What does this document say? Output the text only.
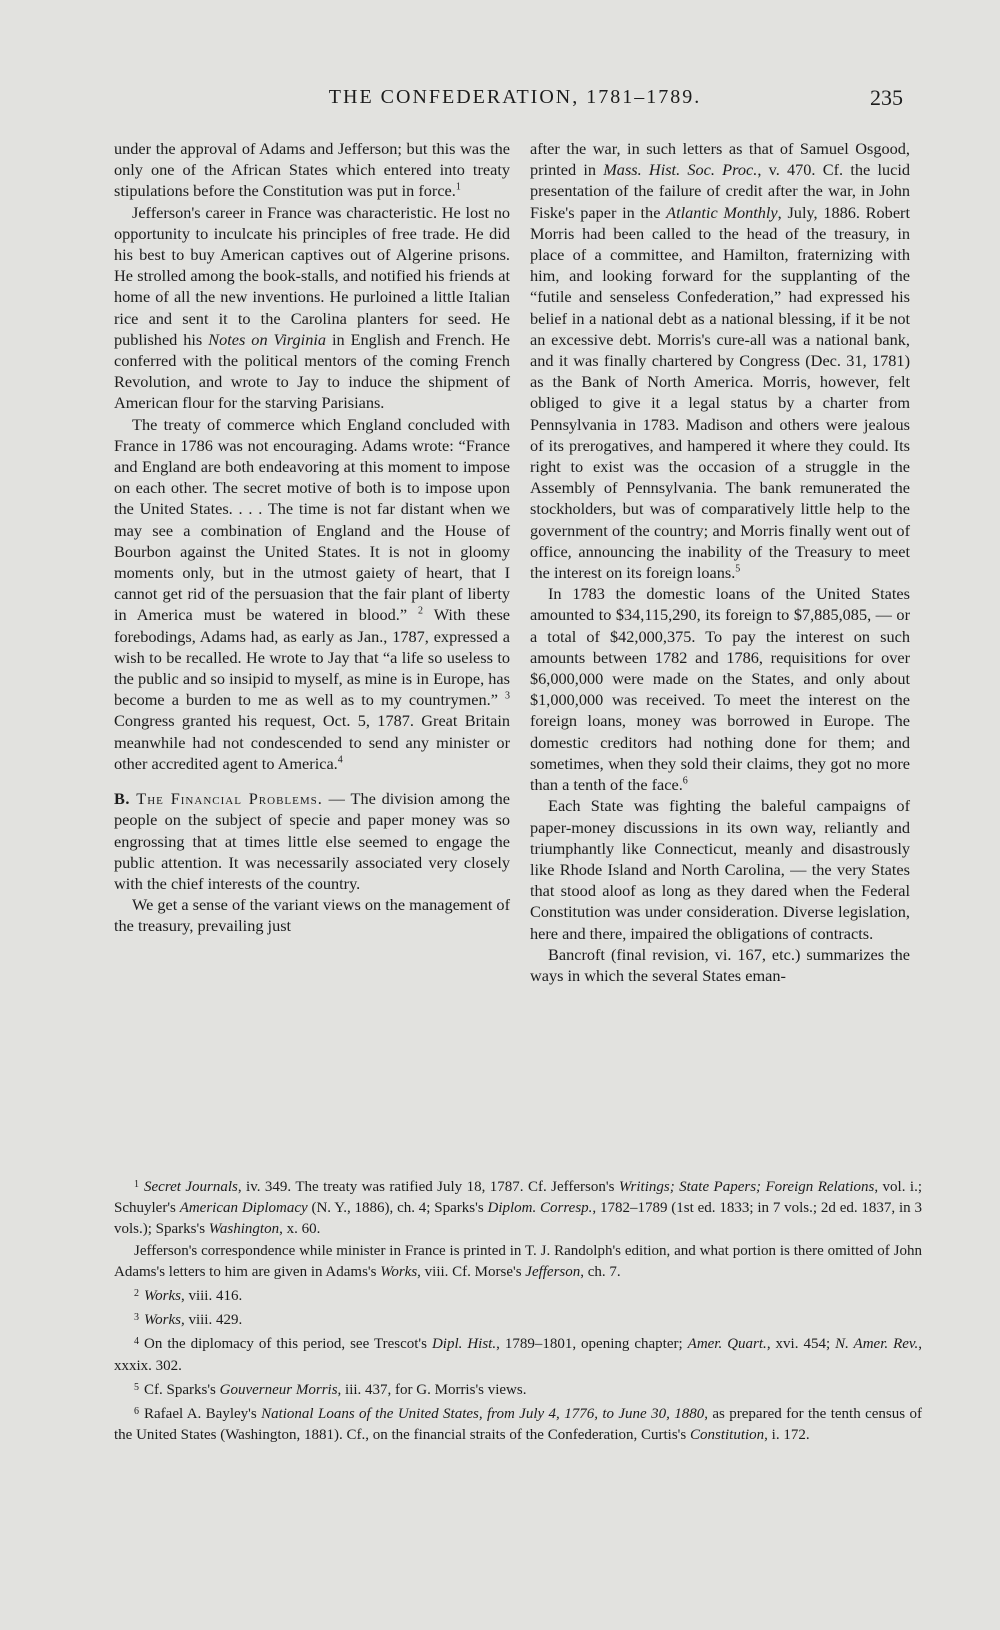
THE CONFEDERATION, 1781–1789.	235

under the approval of Adams and Jefferson; but this was the only one of the African States which entered into treaty stipulations before the Constitution was put in force.$^1$

Jefferson's career in France was characteristic. He lost no opportunity to inculcate his principles of free trade. He did his best to buy American captives out of Algerine prisons. He strolled among the book-stalls, and notified his friends at home of all the new inventions. He purloined a little Italian rice and sent it to the Carolina planters for seed. He published his Notes on Virginia in English and French. He conferred with the political mentors of the coming French Revolution, and wrote to Jay to induce the shipment of American flour for the starving Parisians.

The treaty of commerce which England concluded with France in 1786 was not encouraging. Adams wrote: “France and England are both endeavoring at this moment to impose on each other. The secret motive of both is to impose upon the United States. . . . The time is not far distant when we may see a combination of England and the House of Bourbon against the United States. It is not in gloomy moments only, but in the utmost gaiety of heart, that I cannot get rid of the persuasion that the fair plant of liberty in America must be watered in blood.” $^2$ With these forebodings, Adams had, as early as Jan., 1787, expressed a wish to be recalled. He wrote to Jay that “a life so useless to the public and so insipid to myself, as mine is in Europe, has become a burden to me as well as to my countrymen.” $^3$ Congress granted his request, Oct. 5, 1787. Great Britain meanwhile had not condescended to send any minister or other accredited agent to America.$^4$

B. The Financial Problems. — The division among the people on the subject of specie and paper money was so engrossing that at times little else seemed to engage the public attention. It was necessarily associated very closely with the chief interests of the country.

We get a sense of the variant views on the management of the treasury, prevailing just

after the war, in such letters as that of Samuel Osgood, printed in Mass. Hist. Soc. Proc., v. 470. Cf. the lucid presentation of the failure of credit after the war, in John Fiske's paper in the Atlantic Monthly, July, 1886. Robert Morris had been called to the head of the treasury, in place of a committee, and Hamilton, fraternizing with him, and looking forward for the supplanting of the “futile and senseless Confederation,” had expressed his belief in a national debt as a national blessing, if it be not an excessive debt. Morris's cure-all was a national bank, and it was finally chartered by Congress (Dec. 31, 1781) as the Bank of North America. Morris, however, felt obliged to give it a legal status by a charter from Pennsylvania in 1783. Madison and others were jealous of its prerogatives, and hampered it where they could. Its right to exist was the occasion of a struggle in the Assembly of Pennsylvania. The bank remunerated the stockholders, but was of comparatively little help to the government of the country; and Morris finally went out of office, announcing the inability of the Treasury to meet the interest on its foreign loans.$^5$

In 1783 the domestic loans of the United States amounted to $34,115,290, its foreign to $7,885,085, — or a total of $42,000,375. To pay the interest on such amounts between 1782 and 1786, requisitions for over $6,000,000 were made on the States, and only about $1,000,000 was received. To meet the interest on the foreign loans, money was borrowed in Europe. The domestic creditors had nothing done for them; and sometimes, when they sold their claims, they got no more than a tenth of the face.$^6$

Each State was fighting the baleful campaigns of paper-money discussions in its own way, reliantly and triumphantly like Connecticut, meanly and disastrously like Rhode Island and North Carolina, — the very States that stood aloof as long as they dared when the Federal Constitution was under consideration. Diverse legislation, here and there, impaired the obligations of contracts.

Bancroft (final revision, vi. 167, etc.) summarizes the ways in which the several States eman-

$^1$ Secret Journals, iv. 349. The treaty was ratified July 18, 1787. Cf. Jefferson's Writings; State Papers; Foreign Relations, vol. i.; Schuyler's American Diplomacy (N. Y., 1886), ch. 4; Sparks's Diplom. Corresp., 1782–1789 (1st ed. 1833; in 7 vols.; 2d ed. 1837, in 3 vols.); Sparks's Washington, x. 60.

Jefferson's correspondence while minister in France is printed in T. J. Randolph's edition, and what portion is there omitted of John Adams's letters to him are given in Adams's Works, viii. Cf. Morse's Jefferson, ch. 7.

$^2$ Works, viii. 416.

$^3$ Works, viii. 429.

$^4$ On the diplomacy of this period, see Trescot's Dipl. Hist., 1789–1801, opening chapter; Amer. Quart., xvi. 454; N. Amer. Rev., xxxix. 302.

$^5$ Cf. Sparks's Gouverneur Morris, iii. 437, for G. Morris's views.

$^6$ Rafael A. Bayley's National Loans of the United States, from July 4, 1776, to June 30, 1880, as prepared for the tenth census of the United States (Washington, 1881). Cf., on the financial straits of the Confederation, Curtis's Constitution, i. 172.
